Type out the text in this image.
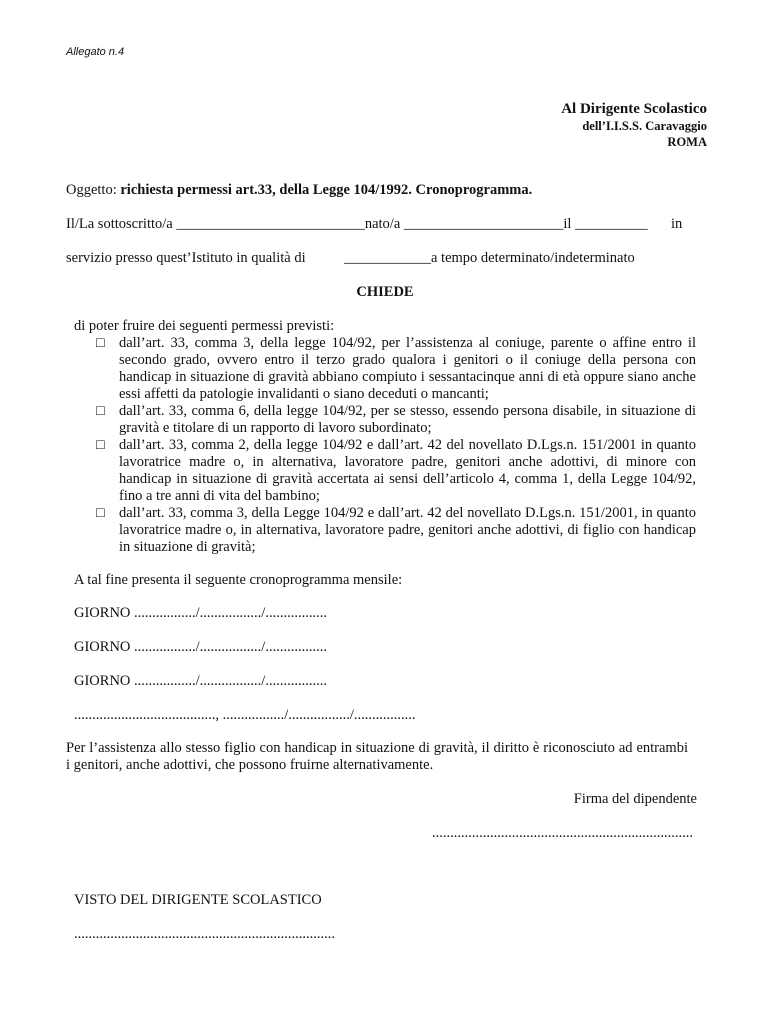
Allegato n.4
Al Dirigente Scolastico
dell’I.I.S.S. Caravaggio
ROMA
Oggetto: richiesta permessi art.33, della Legge 104/1992. Cronoprogramma.
Il/La sottoscritto/a __________________________nato/a ______________________il __________ in
servizio presso quest’Istituto in qualità di	____________a tempo determinato/indeterminato
CHIEDE
di poter fruire dei seguenti permessi previsti:
□ dall’art. 33, comma 3, della legge 104/92, per l’assistenza al coniuge, parente o affine entro il secondo grado, ovvero entro il terzo grado qualora i genitori o il coniuge della persona con handicap in situazione di gravità abbiano compiuto i sessantacinque anni di età oppure siano anche essi affetti da patologie invalidanti o siano deceduti o mancanti;
□ dall’art. 33, comma 6, della legge 104/92, per se stesso, essendo persona disabile, in situazione di gravità e titolare di un rapporto di lavoro subordinato;
□ dall’art. 33, comma 2, della legge 104/92 e dall’art. 42 del novellato D.Lgs.n. 151/2001 in quanto lavoratrice madre o, in alternativa, lavoratore padre, genitori anche adottivi, di minore con handicap in situazione di gravità accertata ai sensi dell’articolo 4, comma 1, della Legge 104/92, fino a tre anni di vita del bambino;
□ dall’art. 33, comma 3, della Legge 104/92 e dall’art. 42 del novellato D.Lgs.n. 151/2001, in quanto lavoratrice madre o, in alternativa, lavoratore padre, genitori anche adottivi, di figlio con handicap in situazione di gravità;
A tal fine presenta il seguente cronoprogramma mensile:
GIORNO ................./................./.................
GIORNO ................./................./.................
GIORNO ................./................./.................
......................................., ................./................./.................
Per l’assistenza allo stesso figlio con handicap in situazione di gravità, il diritto è riconosciuto ad entrambi i genitori, anche adottivi, che possono fruirne alternativamente.
Firma del dipendente
........................................................................
VISTO DEL DIRIGENTE SCOLASTICO
........................................................................
